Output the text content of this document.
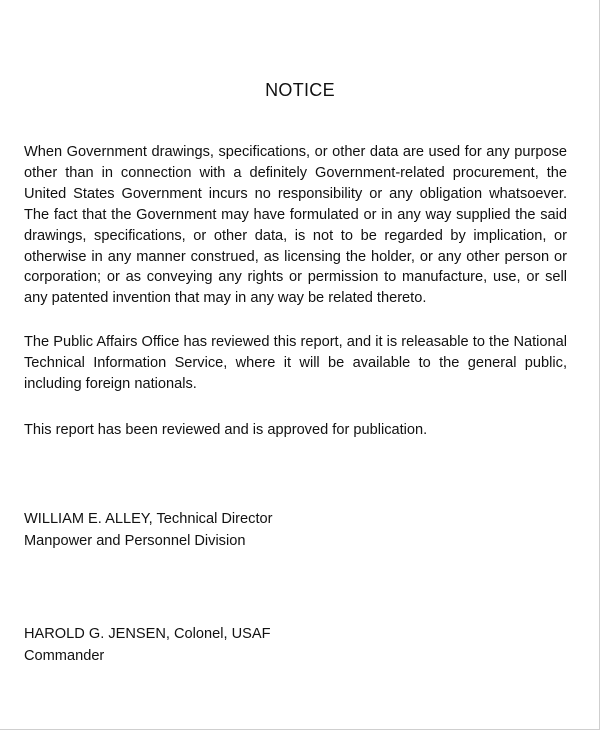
NOTICE

When Government drawings, specifications, or other data are used for any purpose
other than in connection with a definitely Government-related procurement, the
United States Government incurs no responsibility or any obligation whatsoever.
The fact that the Government may have formulated or in any way supplied the said
drawings, specifications, or other data, is not to be regarded by implication, or
otherwise in any manner construed, as licensing the holder, or any other person or
corporation; or as conveying any rights or permission to manufacture, use, or sell
any patented invention that may in any way be related thereto.

The Public Affairs Office has reviewed this report, and it is releasable to the National
Technical Information Service, where it will be available to the general public,
including foreign nationals.

This report has been reviewed and is approved for publication.

WILLIAM E. ALLEY, Technical Director
Manpower and Personnel Division
HAROLD G. JENSEN, Colonel, USAF
Commander
